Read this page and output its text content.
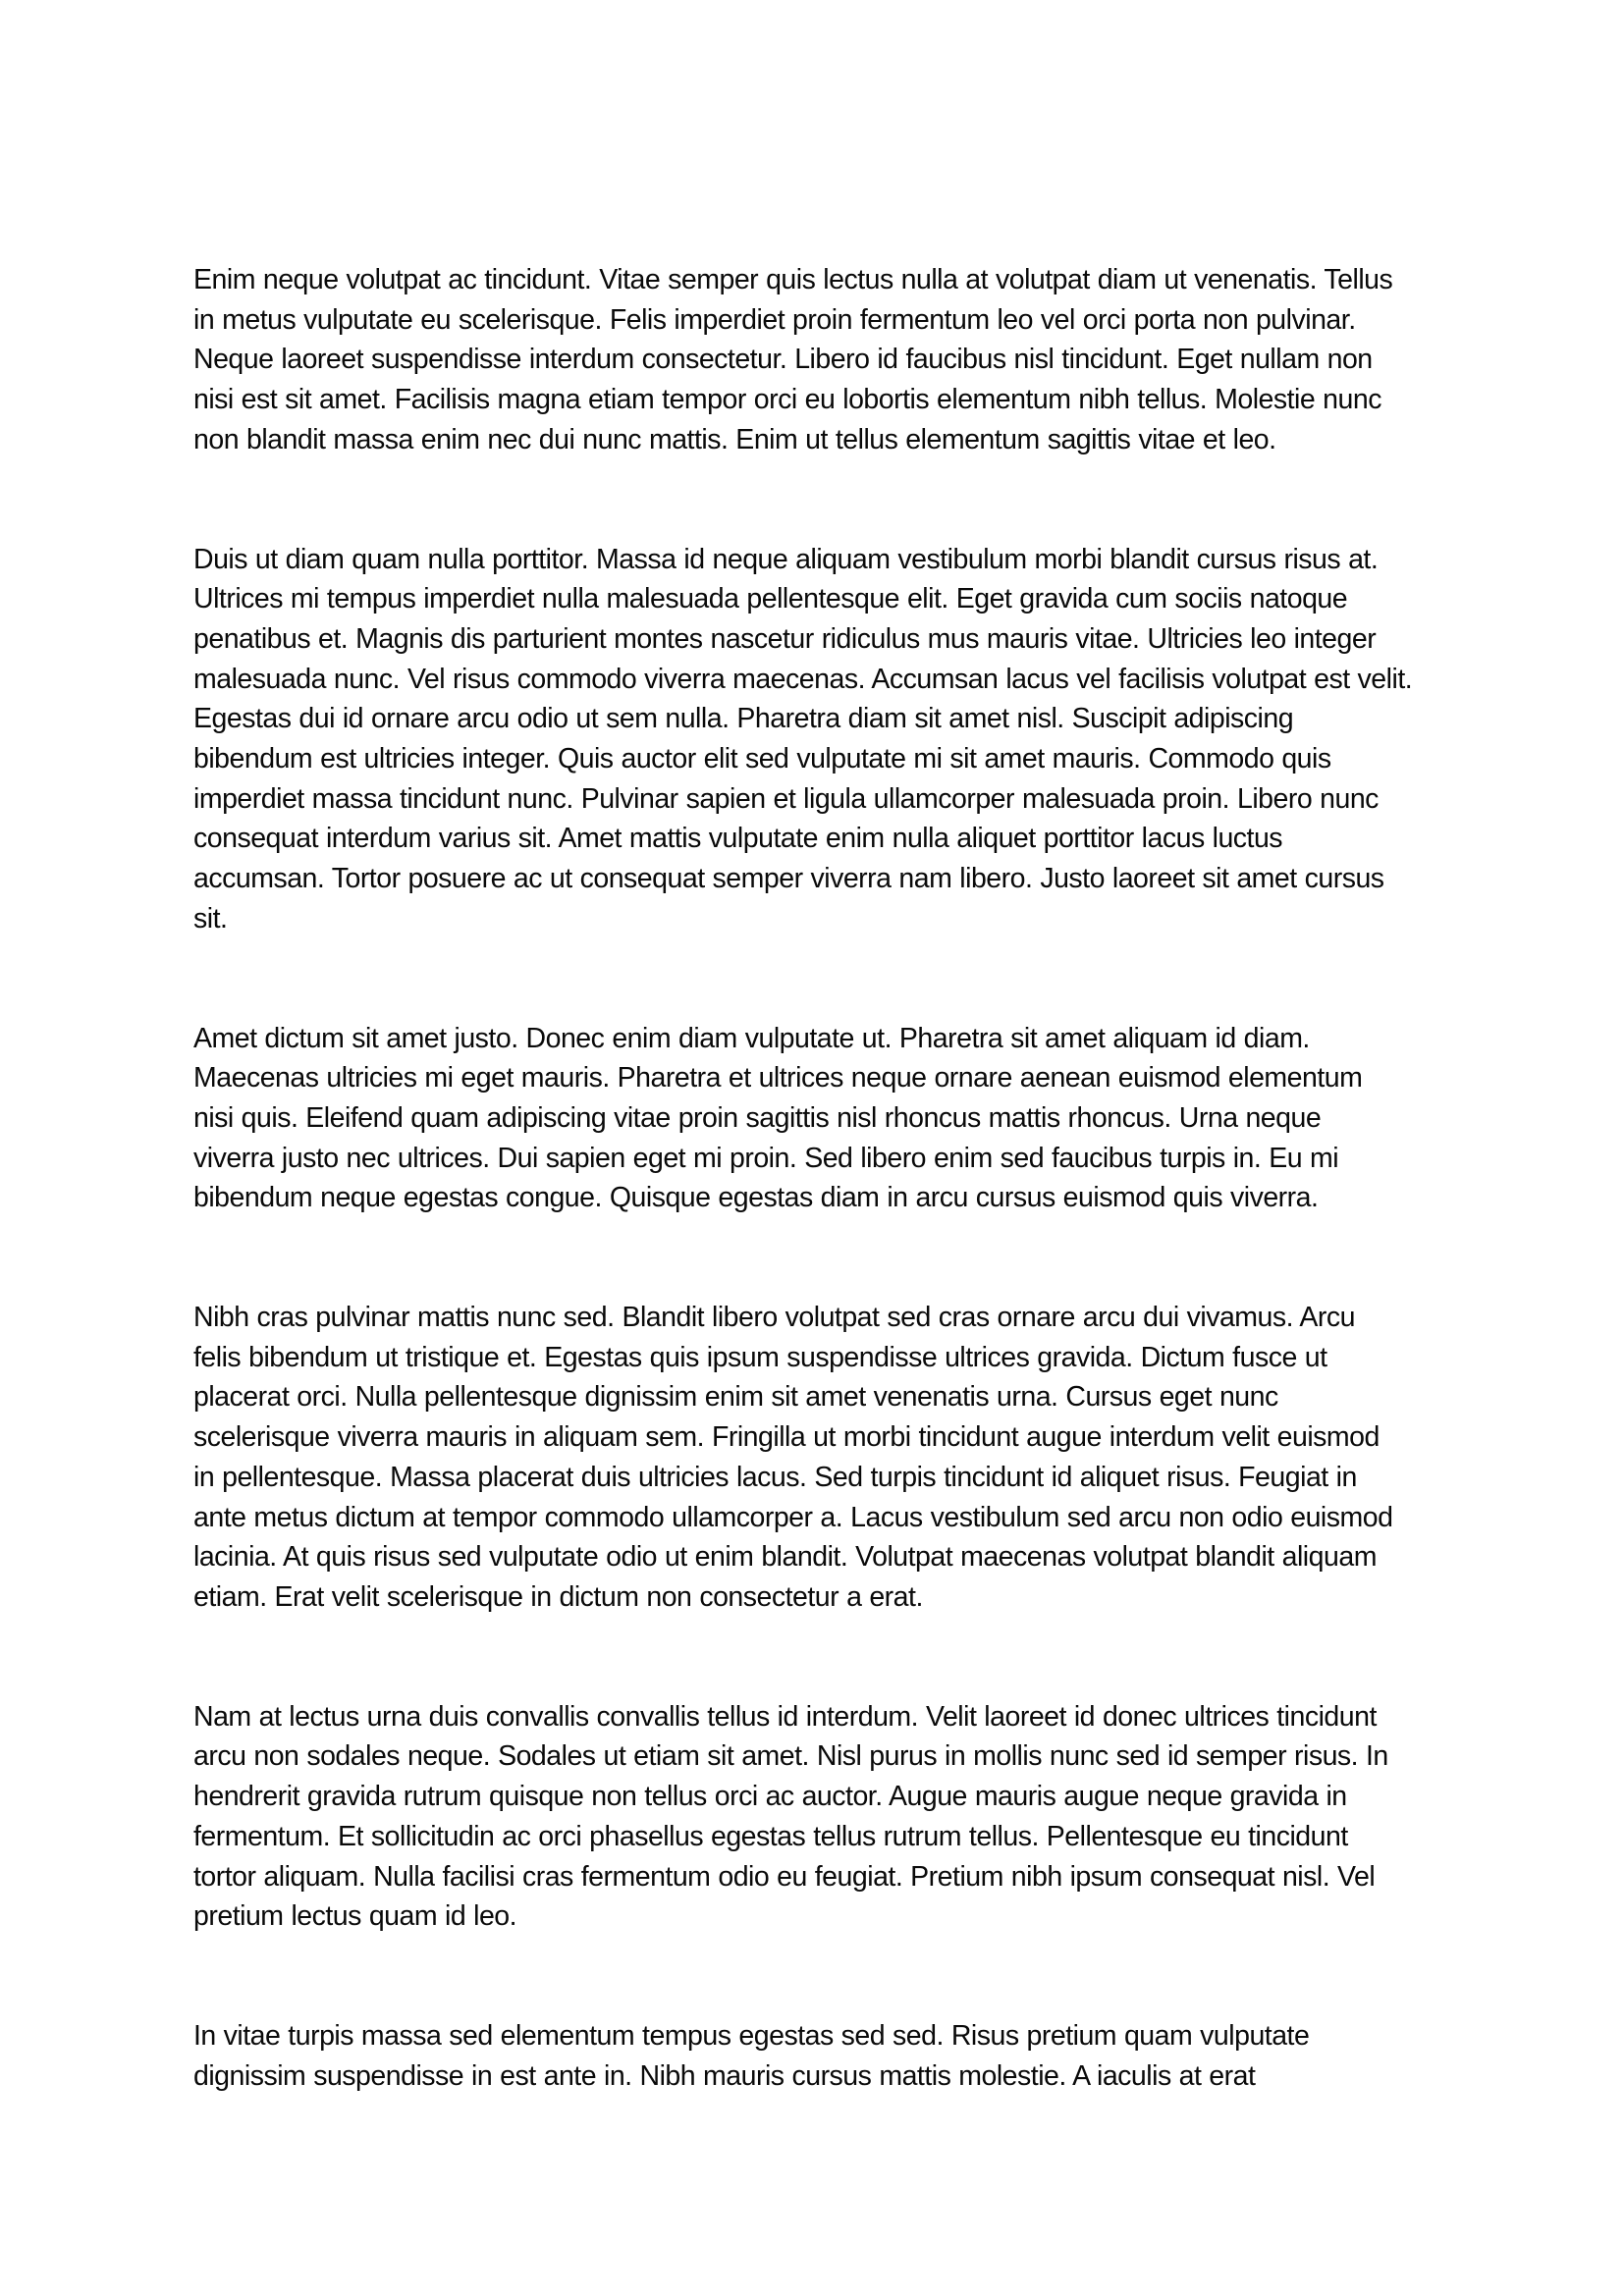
Enim neque volutpat ac tincidunt. Vitae semper quis lectus nulla at volutpat diam ut venenatis. Tellus
in metus vulputate eu scelerisque. Felis imperdiet proin fermentum leo vel orci porta non pulvinar.
Neque laoreet suspendisse interdum consectetur. Libero id faucibus nisl tincidunt. Eget nullam non
nisi est sit amet. Facilisis magna etiam tempor orci eu lobortis elementum nibh tellus. Molestie nunc
non blandit massa enim nec dui nunc mattis. Enim ut tellus elementum sagittis vitae et leo.

Duis ut diam quam nulla porttitor. Massa id neque aliquam vestibulum morbi blandit cursus risus at.
Ultrices mi tempus imperdiet nulla malesuada pellentesque elit. Eget gravida cum sociis natoque
penatibus et. Magnis dis parturient montes nascetur ridiculus mus mauris vitae. Ultricies leo integer
malesuada nunc. Vel risus commodo viverra maecenas. Accumsan lacus vel facilisis volutpat est velit.
Egestas dui id ornare arcu odio ut sem nulla. Pharetra diam sit amet nisl. Suscipit adipiscing
bibendum est ultricies integer. Quis auctor elit sed vulputate mi sit amet mauris. Commodo quis
imperdiet massa tincidunt nunc. Pulvinar sapien et ligula ullamcorper malesuada proin. Libero nunc
consequat interdum varius sit. Amet mattis vulputate enim nulla aliquet porttitor lacus luctus
accumsan. Tortor posuere ac ut consequat semper viverra nam libero. Justo laoreet sit amet cursus
sit.

Amet dictum sit amet justo. Donec enim diam vulputate ut. Pharetra sit amet aliquam id diam.
Maecenas ultricies mi eget mauris. Pharetra et ultrices neque ornare aenean euismod elementum
nisi quis. Eleifend quam adipiscing vitae proin sagittis nisl rhoncus mattis rhoncus. Urna neque
viverra justo nec ultrices. Dui sapien eget mi proin. Sed libero enim sed faucibus turpis in. Eu mi
bibendum neque egestas congue. Quisque egestas diam in arcu cursus euismod quis viverra.

Nibh cras pulvinar mattis nunc sed. Blandit libero volutpat sed cras ornare arcu dui vivamus. Arcu
felis bibendum ut tristique et. Egestas quis ipsum suspendisse ultrices gravida. Dictum fusce ut
placerat orci. Nulla pellentesque dignissim enim sit amet venenatis urna. Cursus eget nunc
scelerisque viverra mauris in aliquam sem. Fringilla ut morbi tincidunt augue interdum velit euismod
in pellentesque. Massa placerat duis ultricies lacus. Sed turpis tincidunt id aliquet risus. Feugiat in
ante metus dictum at tempor commodo ullamcorper a. Lacus vestibulum sed arcu non odio euismod
lacinia. At quis risus sed vulputate odio ut enim blandit. Volutpat maecenas volutpat blandit aliquam
etiam. Erat velit scelerisque in dictum non consectetur a erat.

Nam at lectus urna duis convallis convallis tellus id interdum. Velit laoreet id donec ultrices tincidunt
arcu non sodales neque. Sodales ut etiam sit amet. Nisl purus in mollis nunc sed id semper risus. In
hendrerit gravida rutrum quisque non tellus orci ac auctor. Augue mauris augue neque gravida in
fermentum. Et sollicitudin ac orci phasellus egestas tellus rutrum tellus. Pellentesque eu tincidunt
tortor aliquam. Nulla facilisi cras fermentum odio eu feugiat. Pretium nibh ipsum consequat nisl. Vel
pretium lectus quam id leo.

In vitae turpis massa sed elementum tempus egestas sed sed. Risus pretium quam vulputate
dignissim suspendisse in est ante in. Nibh mauris cursus mattis molestie. A iaculis at erat
